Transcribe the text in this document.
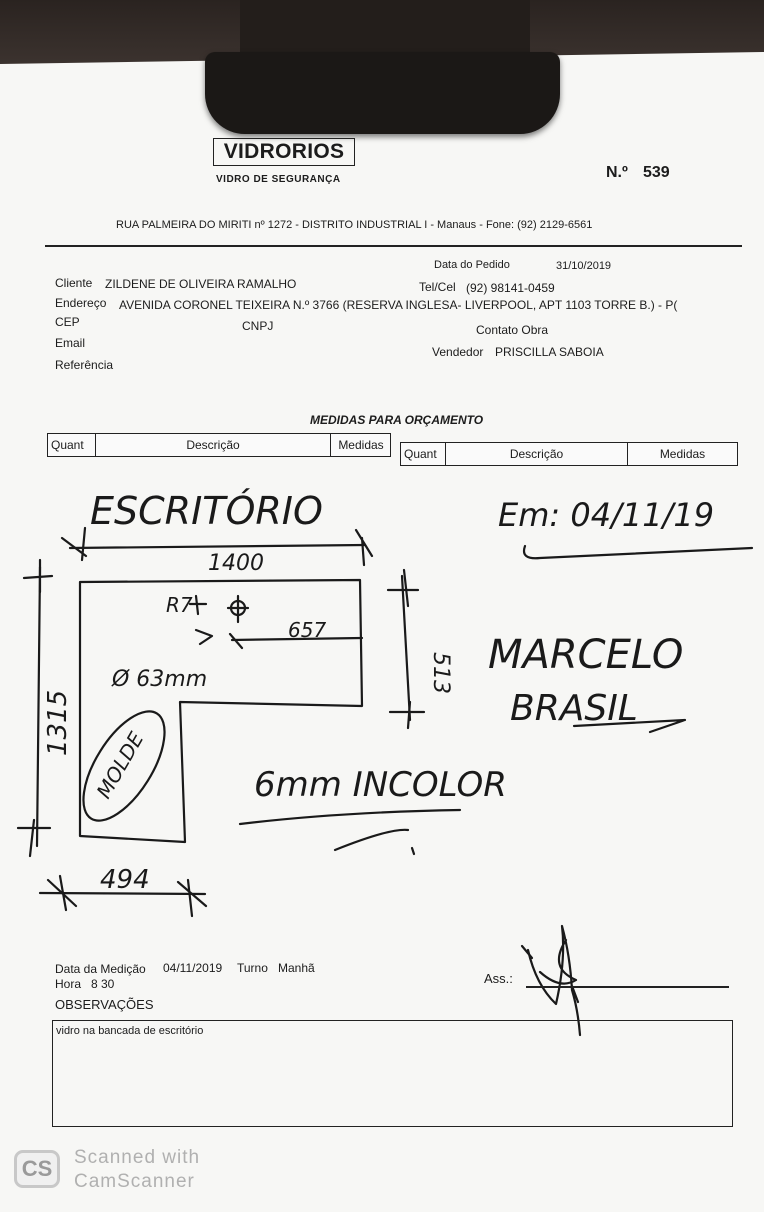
VIDRORIOS
VIDRO DE SEGURANÇA	N.º 539
RUA PALMEIRA DO MIRITI nº 1272 - DISTRITO INDUSTRIAL I - Manaus - Fone: (92) 2129-6561
Data do Pedido	31/10/2019
Cliente ZILDENE DE OLIVEIRA RAMALHO	Tel/Cel (92) 98141-0459
Endereço AVENIDA CORONEL TEIXEIRA N.º 3766 (RESERVA INGLESA- LIVERPOOL, APT 1103 TORRE B.) - P(
CEP	CNPJ	Contato Obra
Email
Vendedor PRISCILLA SABOIA
Referência
MEDIDAS PARA ORÇAMENTO
Quant	Descrição	Medidas
Quant	Descrição	Medidas
ESCRITÓRIO	Em: 04/11/19
1400
R7
657
Ø 63mm	513
1315
494
MOLDE	6mm INCOLOR
MARCELO
BRASIL
Data da Medição 04/11/2019 Turno Manhã
Hora 8 30	Ass.:
OBSERVAÇÕES
vidro na bancada de escritório
CS	Scanned with
CamScanner
